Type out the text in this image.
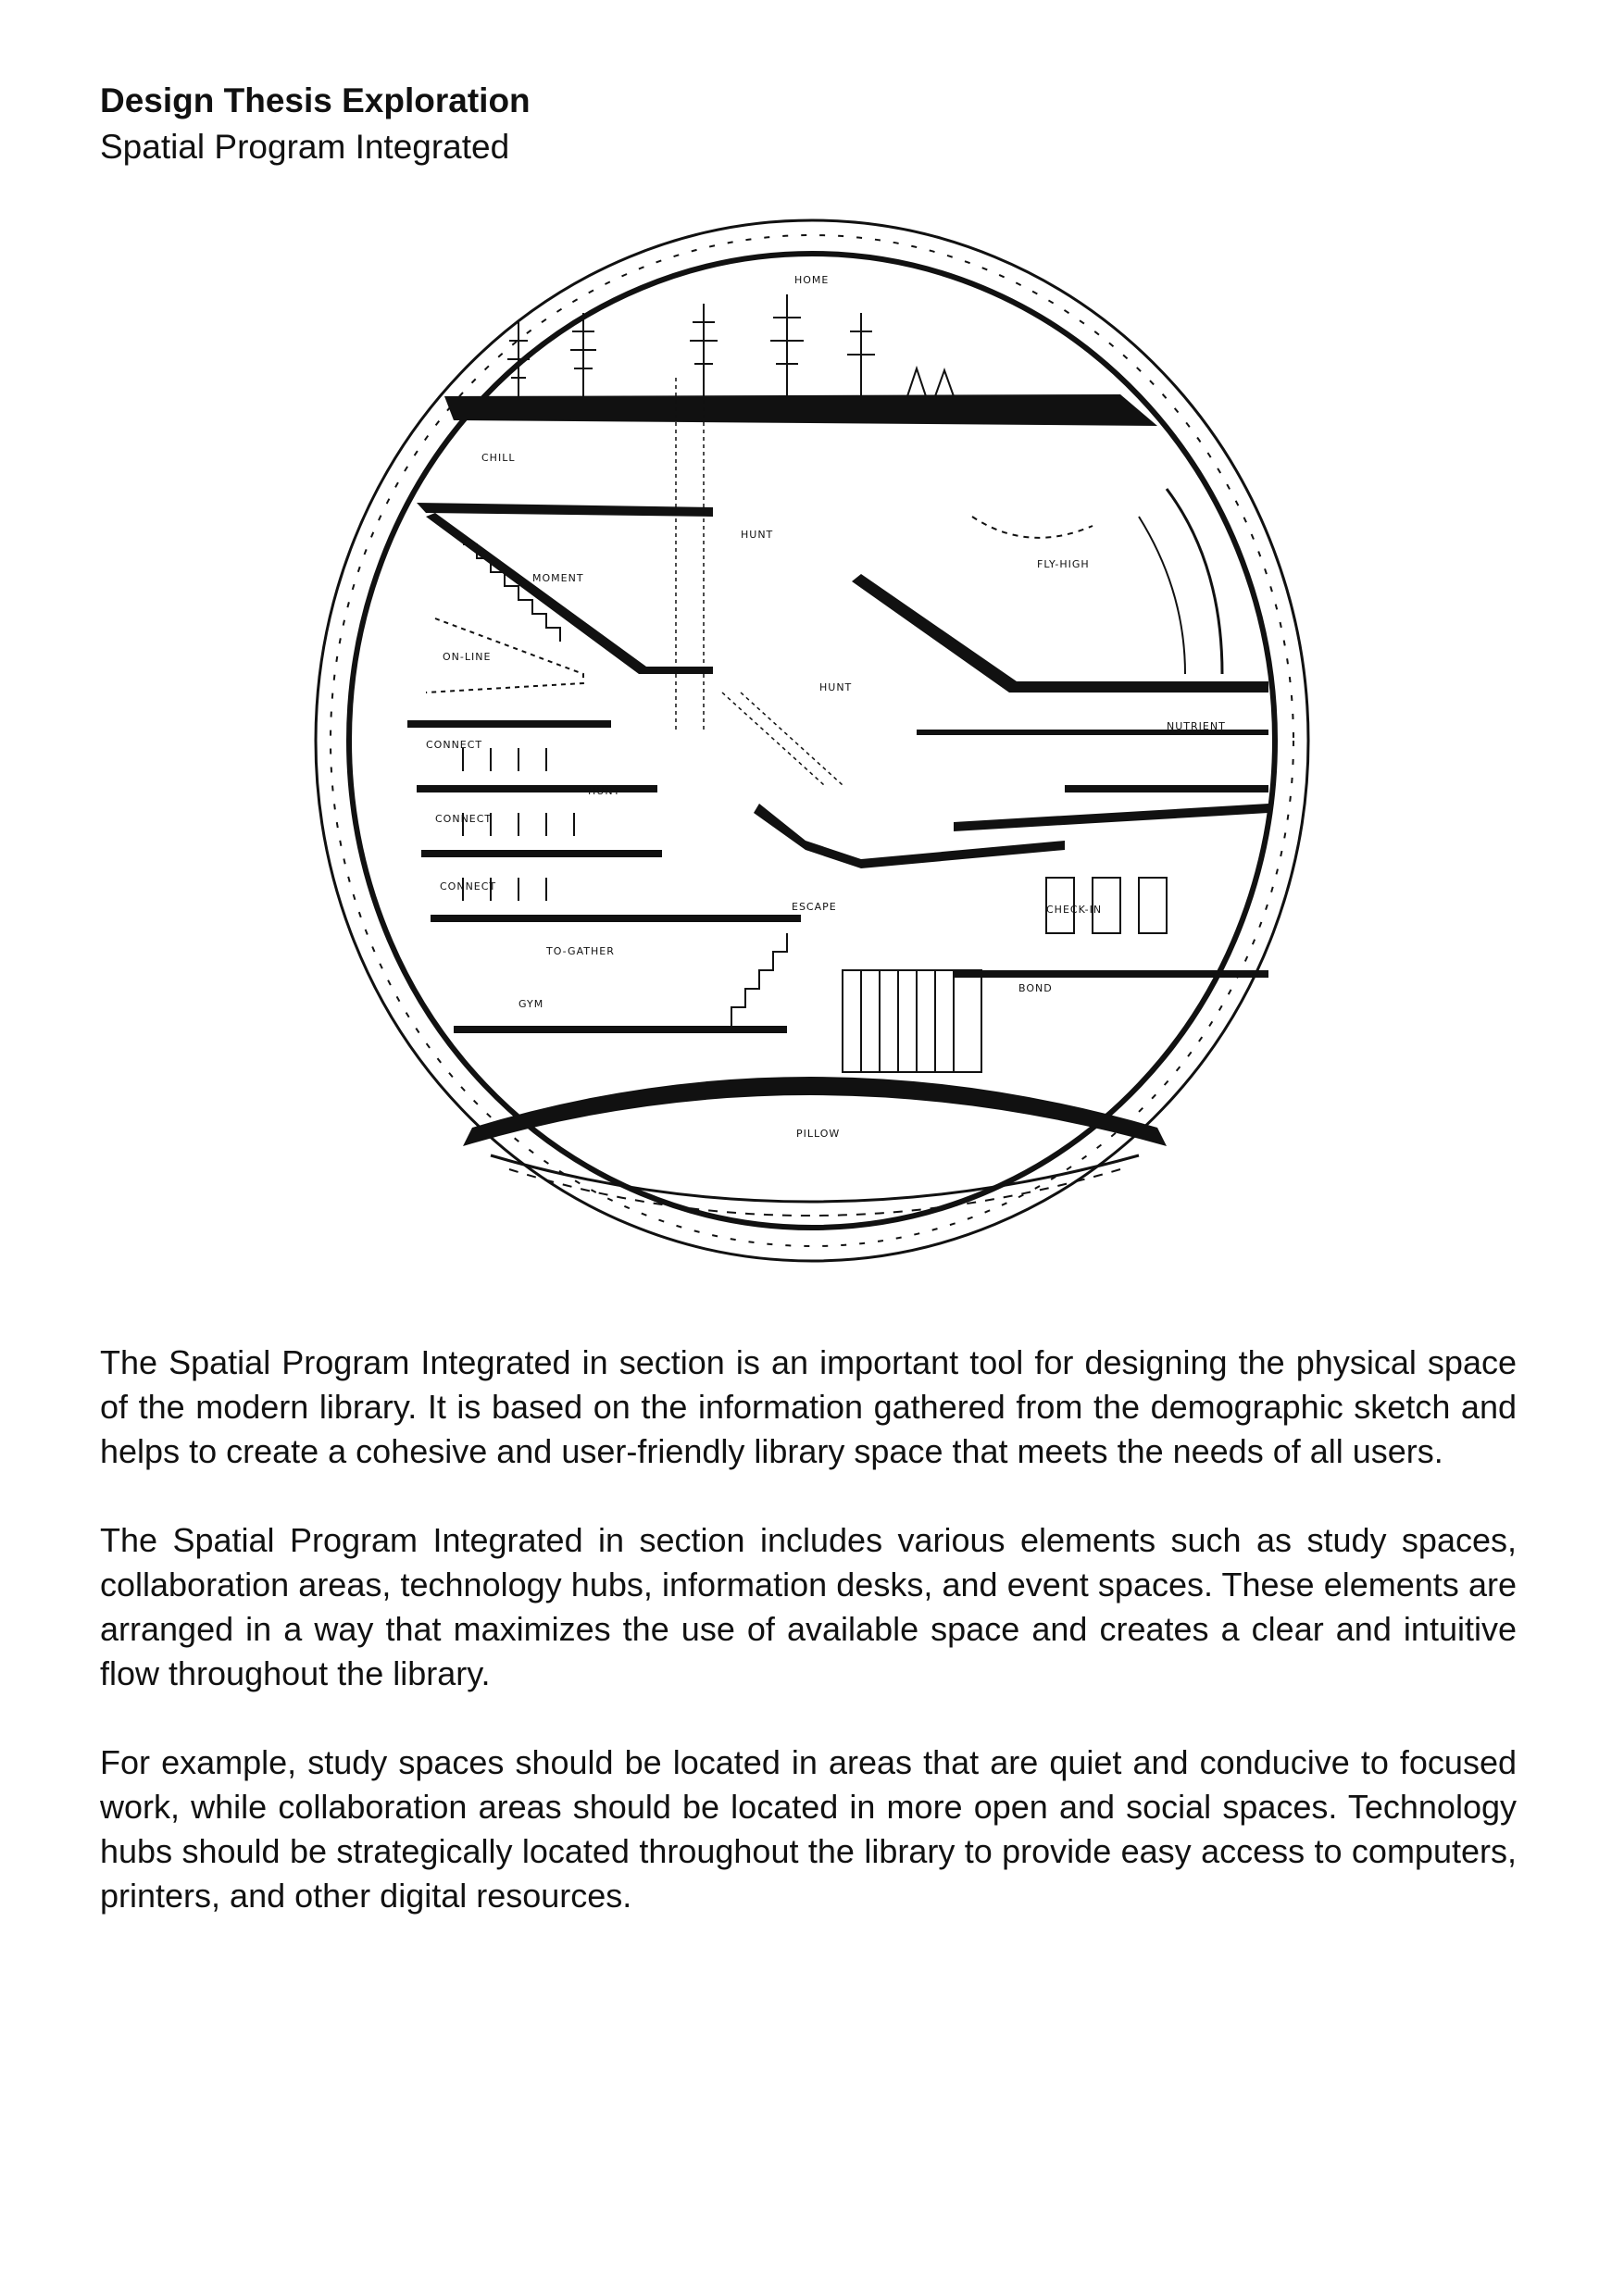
Design Thesis Exploration

Spatial Program Integrated

HOME
CHILL
HUNT
MOMENT
FLY-HIGH
ON-LINE
HUNT
NUTRIENT
CONNECT
HUNT
CONNECT
CONNECT
ESCAPE	CHECK-IN
TO-GATHER
BOND
GYM
PILLOW

The Spatial Program Integrated in section is an important tool for designing the physical space of the modern library. It is based on the information gathered from the demographic sketch and helps to create a cohesive and user-friendly library space that meets the needs of all users.

The Spatial Program Integrated in section includes various elements such as study spaces, collaboration areas, technology hubs, information desks, and event spaces. These elements are arranged in a way that maximizes the use of available space and creates a clear and intuitive flow throughout the library.

For example, study spaces should be located in areas that are quiet and conducive to focused work, while collaboration areas should be located in more open and social spaces. Technology hubs should be strategically located throughout the library to provide easy access to computers, printers, and other digital resources.
